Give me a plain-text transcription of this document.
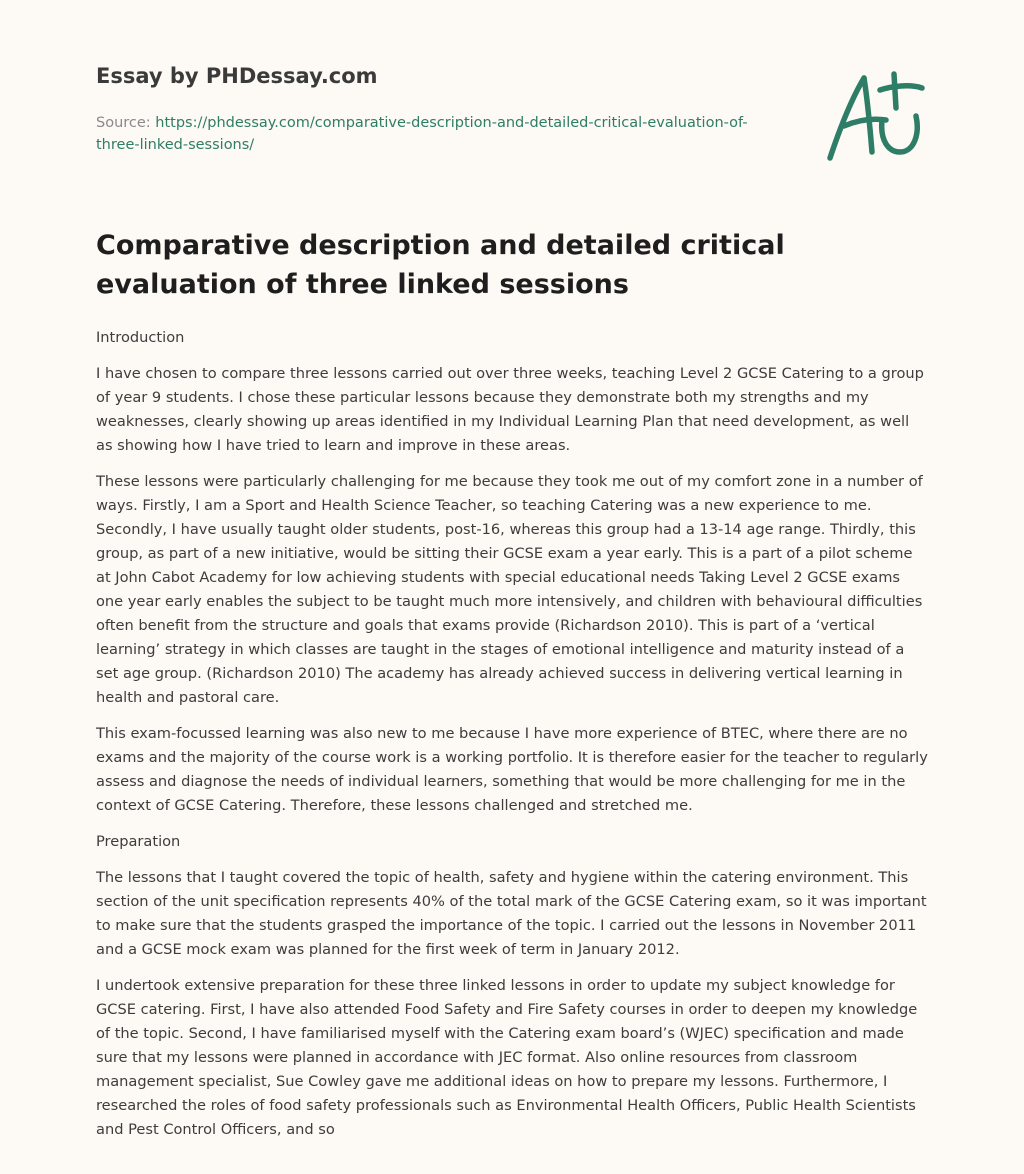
Essay by PHDessay.com
Source: https://phdessay.com/comparative-description-and-detailed-critical-evaluation-of-three-linked-sessions/
Comparative description and detailed critical evaluation of three linked sessions

Introduction

I have chosen to compare three lessons carried out over three weeks, teaching Level 2 GCSE Catering to a group of year 9 students. I chose these particular lessons because they demonstrate both my strengths and my weaknesses, clearly showing up areas identified in my Individual Learning Plan that need development, as well as showing how I have tried to learn and improve in these areas.

These lessons were particularly challenging for me because they took me out of my comfort zone in a number of ways. Firstly, I am a Sport and Health Science Teacher, so teaching Catering was a new experience to me. Secondly, I have usually taught older students, post-16, whereas this group had a 13-14 age range. Thirdly, this group, as part of a new initiative, would be sitting their GCSE exam a year early. This is a part of a pilot scheme at John Cabot Academy for low achieving students with special educational needs Taking Level 2 GCSE exams one year early enables the subject to be taught much more intensively, and children with behavioural difficulties often benefit from the structure and goals that exams provide (Richardson 2010). This is part of a ‘vertical learning’ strategy in which classes are taught in the stages of emotional intelligence and maturity instead of a set age group. (Richardson 2010) The academy has already achieved success in delivering vertical learning in health and pastoral care.

This exam-focussed learning was also new to me because I have more experience of BTEC, where there are no exams and the majority of the course work is a working portfolio. It is therefore easier for the teacher to regularly assess and diagnose the needs of individual learners, something that would be more challenging for me in the context of GCSE Catering. Therefore, these lessons challenged and stretched me.

Preparation

The lessons that I taught covered the topic of health, safety and hygiene within the catering environment. This section of the unit specification represents 40% of the total mark of the GCSE Catering exam, so it was important to make sure that the students grasped the importance of the topic. I carried out the lessons in November 2011 and a GCSE mock exam was planned for the first week of term in January 2012.

I undertook extensive preparation for these three linked lessons in order to update my subject knowledge for GCSE catering. First, I have also attended Food Safety and Fire Safety courses in order to deepen my knowledge of the topic. Second, I have familiarised myself with the Catering exam board’s (WJEC) specification and made sure that my lessons were planned in accordance with JEC format. Also online resources from classroom management specialist, Sue Cowley gave me additional ideas on how to prepare my lessons. Furthermore, I researched the roles of food safety professionals such as Environmental Health Officers, Public Health Scientists and Pest Control Officers, and so
